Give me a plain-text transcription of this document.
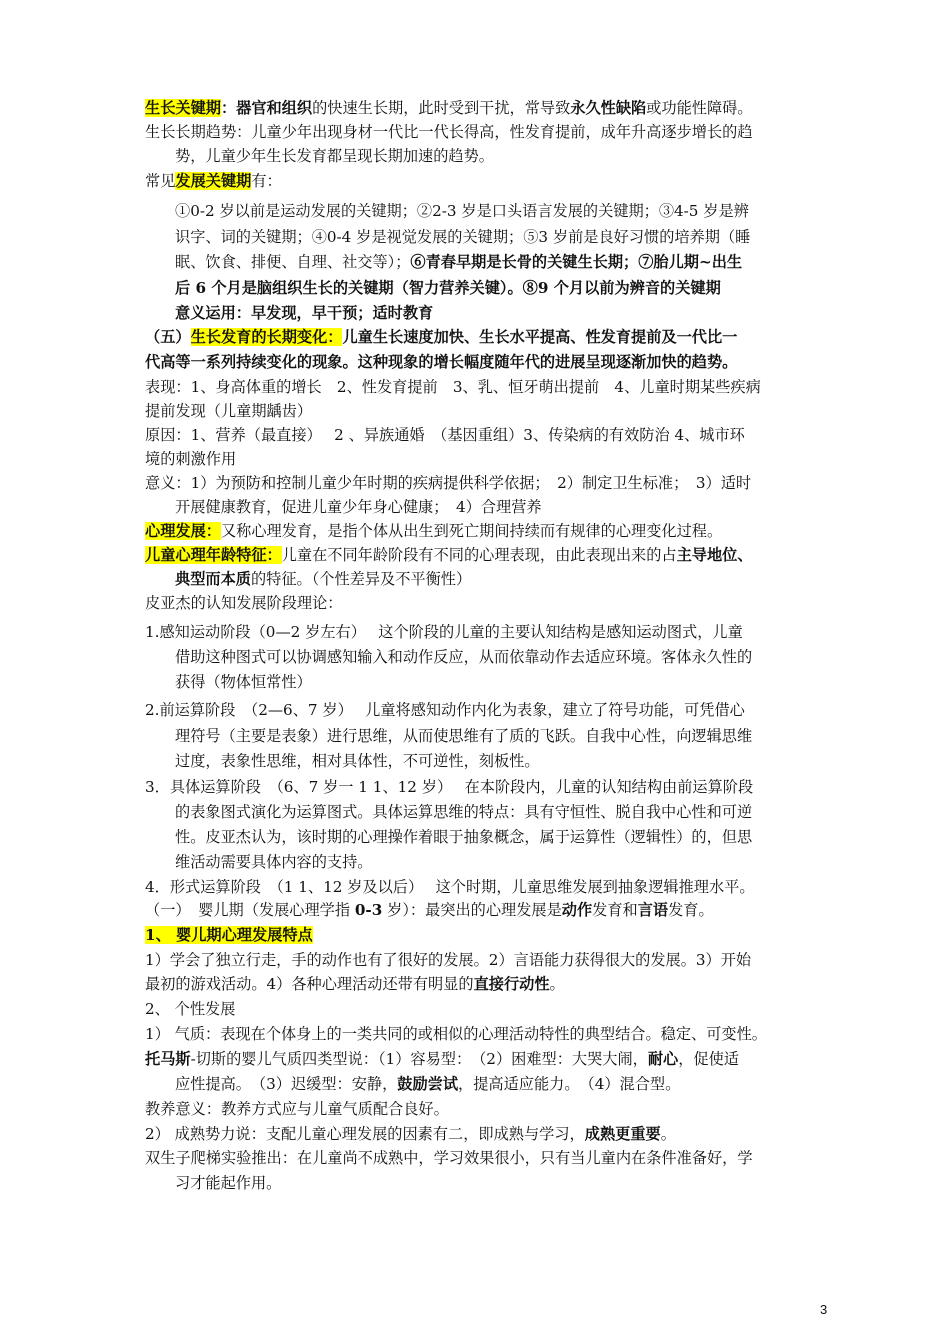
生长关键期：器官和组织的快速生长期，此时受到干扰，常导致永久性缺陷或功能性障碍。
生长长期趋势：儿童少年出现身材一代比一代长得高，性发育提前，成年升高逐步增长的趋
势，儿童少年生长发育都呈现长期加速的趋势。
常见发展关键期有：
①0-2 岁以前是运动发展的关键期；②2-3 岁是口头语言发展的关键期；③4-5 岁是辨
识字、词的关键期；④0-4 岁是视觉发展的关键期；⑤3 岁前是良好习惯的培养期（睡
眠、饮食、排便、自理、社交等）；⑥青春早期是长骨的关键生长期；⑦胎儿期~出生
后 6 个月是脑组织生长的关键期（智力营养关键）。⑧9 个月以前为辨音的关键期
意义运用：早发现，早干预；适时教育
（五）生长发育的长期变化：儿童生长速度加快、生长水平提高、性发育提前及一代比一
代高等一系列持续变化的现象。这种现象的增长幅度随年代的进展呈现逐渐加快的趋势。
表现：1、身高体重的增长　2、性发育提前　3、乳、恒牙萌出提前　4、儿童时期某些疾病
提前发现（儿童期龋齿）
原因：1、营养（最直接）　 2 、异族通婚　（基因重组）3、传染病的有效防治 4、城市环
境的刺激作用
意义：1）为预防和控制儿童少年时期的疾病提供科学依据；　2）制定卫生标准；　3）适时
开展健康教育，促进儿童少年身心健康；　4）合理营养
心理发展：又称心理发育，是指个体从出生到死亡期间持续而有规律的心理变化过程。
儿童心理年龄特征：儿童在不同年龄阶段有不同的心理表现，由此表现出来的占主导地位、
典型而本质的特征。（个性差异及不平衡性）
皮亚杰的认知发展阶段理论：
1.感知运动阶段（0—2 岁左右）　 这个阶段的儿童的主要认知结构是感知运动图式，儿童
借助这种图式可以协调感知输入和动作反应，从而依靠动作去适应环境。客体永久性的
获得（物体恒常性）
2.前运算阶段　（2—6、7 岁）　 儿童将感知动作内化为表象，建立了符号功能，可凭借心
理符号（主要是表象）进行思维，从而使思维有了质的飞跃。自我中心性，向逻辑思维
过度，表象性思维，相对具体性，不可逆性，刻板性。
3．具体运算阶段　（6、7 岁一 1 1、12 岁）　 在本阶段内，儿童的认知结构由前运算阶段
的表象图式演化为运算图式。具体运算思维的特点：具有守恒性、脱自我中心性和可逆
性。皮亚杰认为，该时期的心理操作着眼于抽象概念，属于运算性（逻辑性）的，但思
维活动需要具体内容的支持。
4．形式运算阶段　（1 1、12 岁及以后）　 这个时期，儿童思维发展到抽象逻辑推理水平。
（一）　婴儿期（发展心理学指 0-3 岁）：最突出的心理发展是动作发育和言语发育。
1、 婴儿期心理发展特点
1）学会了独立行走，手的动作也有了很好的发展。2）言语能力获得很大的发展。3）开始
最初的游戏活动。4）各种心理活动还带有明显的直接行动性。
2、 个性发展
1） 气质：表现在个体身上的一类共同的或相似的心理活动特性的典型结合。稳定、可变性。
托马斯-切斯的婴儿气质四类型说：（1）容易型：　（2）困难型：大哭大闹，耐心，促使适
应性提高。　（3）迟缓型：安静，鼓励尝试，提高适应能力。　（4）混合型。
教养意义：教养方式应与儿童气质配合良好。
2） 成熟势力说：支配儿童心理发展的因素有二，即成熟与学习，成熟更重要。
双生子爬梯实验推出：在儿童尚不成熟中，学习效果很小，只有当儿童内在条件准备好，学
习才能起作用。
3
